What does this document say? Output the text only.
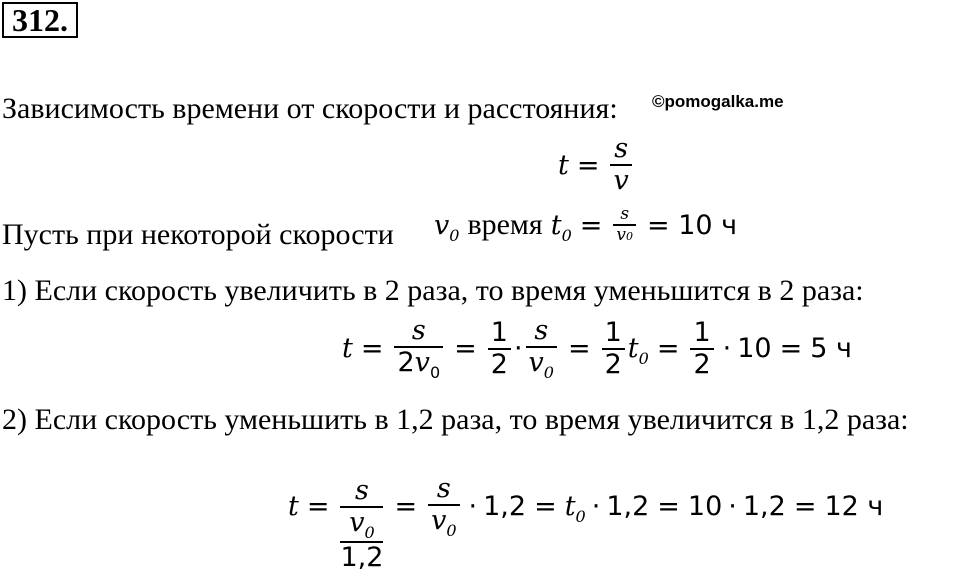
312.
Зависимость времени от скорости и расстояния: ©pomogalka.me
$t = \frac{s}{v}$
Пусть при некоторой скорости $v_0$ время $t_0 = \frac{s}{v0} = 10$ ч
1) Если скорость увеличить в 2 раза, то время уменьшится в 2 раза:
$t = \frac{s}{2v_0} = \frac{1}{2} \cdot \frac{s}{v_0} = \frac{1}{2} t_0 = \frac{1}{2} \cdot 10 = 5$ ч
2) Если скорость уменьшить в 1,2 раза, то время увеличится в 1,2 раза:
$t = \frac{s}{\frac{v_0}{1,2}} = \frac{s}{v_0} \cdot 1,2 = t_0 \cdot 1,2 = 10 \cdot 1,2 = 12$ ч
